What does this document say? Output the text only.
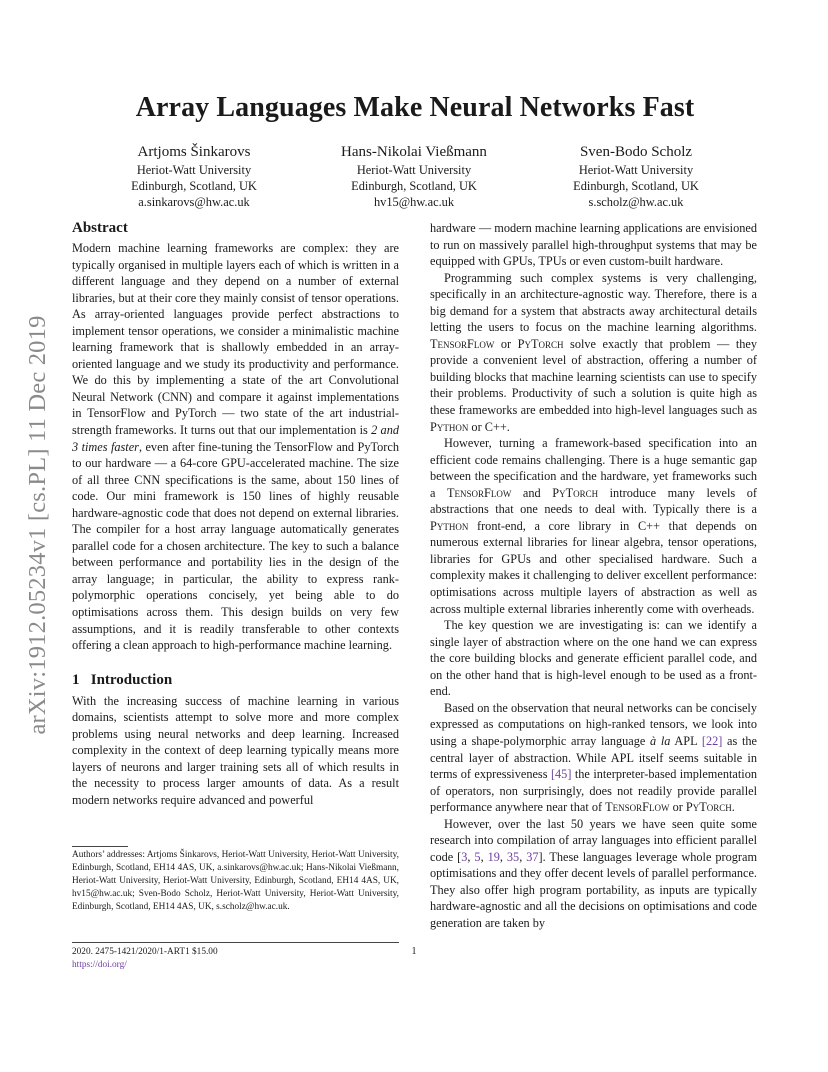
arXiv:1912.05234v1 [cs.PL] 11 Dec 2019
Array Languages Make Neural Networks Fast
Artjoms Šinkarovs
Heriot-Watt University
Edinburgh, Scotland, UK
a.sinkarovs@hw.ac.uk
Hans-Nikolai Vießmann
Heriot-Watt University
Edinburgh, Scotland, UK
hv15@hw.ac.uk
Sven-Bodo Scholz
Heriot-Watt University
Edinburgh, Scotland, UK
s.scholz@hw.ac.uk
Abstract

Modern machine learning frameworks are complex: they are typically organised in multiple layers each of which is written in a different language and they depend on a number of external libraries, but at their core they mainly consist of tensor operations. As array-oriented languages provide perfect abstractions to implement tensor operations, we consider a minimalistic machine learning framework that is shallowly embedded in an array-oriented language and we study its productivity and performance. We do this by implementing a state of the art Convolutional Neural Network (CNN) and compare it against implementations in TensorFlow and PyTorch — two state of the art industrial-strength frameworks. It turns out that our implementation is 2 and 3 times faster, even after fine-tuning the TensorFlow and PyTorch to our hardware — a 64-core GPU-accelerated machine. The size of all three CNN specifications is the same, about 150 lines of code. Our mini framework is 150 lines of highly reusable hardware-agnostic code that does not depend on external libraries. The compiler for a host array language automatically generates parallel code for a chosen architecture. The key to such a balance between performance and portability lies in the design of the array language; in particular, the ability to express rank-polymorphic operations concisely, yet being able to do optimisations across them. This design builds on very few assumptions, and it is readily transferable to other contexts offering a clean approach to high-performance machine learning.

1 Introduction

With the increasing success of machine learning in various domains, scientists attempt to solve more and more complex problems using neural networks and deep learning. Increased complexity in the context of deep learning typically means more layers of neurons and larger training sets all of which results in the necessity to process larger amounts of data. As a result modern networks require advanced and powerful

Authors’ addresses: Artjoms Šinkarovs, Heriot-Watt University, Heriot-Watt University, Edinburgh, Scotland, EH14 4AS, UK, a.sinkarovs@hw.ac.uk; Hans-Nikolai Vießmann, Heriot-Watt University, Heriot-Watt University, Edinburgh, Scotland, EH14 4AS, UK, hv15@hw.ac.uk; Sven-Bodo Scholz, Heriot-Watt University, Heriot-Watt University, Edinburgh, Scotland, EH14 4AS, UK, s.scholz@hw.ac.uk.
2020. 2475-1421/2020/1-ART1 $15.00
https://doi.org/

hardware — modern machine learning applications are envisioned to run on massively parallel high-throughput systems that may be equipped with GPUs, TPUs or even custom-built hardware.

Programming such complex systems is very challenging, specifically in an architecture-agnostic way. Therefore, there is a big demand for a system that abstracts away architectural details letting the users to focus on the machine learning algorithms. TensorFlow or PyTorch solve exactly that problem — they provide a convenient level of abstraction, offering a number of building blocks that machine learning scientists can use to specify their problems. Productivity of such a solution is quite high as these frameworks are embedded into high-level languages such as Python or C++.

However, turning a framework-based specification into an efficient code remains challenging. There is a huge semantic gap between the specification and the hardware, yet frameworks such a TensorFlow and PyTorch introduce many levels of abstractions that one needs to deal with. Typically there is a Python front-end, a core library in C++ that depends on numerous external libraries for linear algebra, tensor operations, libraries for GPUs and other specialised hardware. Such a complexity makes it challenging to deliver excellent performance: optimisations across multiple layers of abstraction as well as across multiple external libraries inherently come with overheads.

The key question we are investigating is: can we identify a single layer of abstraction where on the one hand we can express the core building blocks and generate efficient parallel code, and on the other hand that is high-level enough to be used as a front-end.

Based on the observation that neural networks can be concisely expressed as computations on high-ranked tensors, we look into using a shape-polymorphic array language à la APL [22] as the central layer of abstraction. While APL itself seems suitable in terms of expressiveness [45] the interpreter-based implementation of operators, non surprisingly, does not readily provide parallel performance anywhere near that of TensorFlow or PyTorch.

However, over the last 50 years we have seen quite some research into compilation of array languages into efficient parallel code [3, 5, 19, 35, 37]. These languages leverage whole program optimisations and they offer decent levels of parallel performance. They also offer high program portability, as inputs are typically hardware-agnostic and all the decisions on optimisations and code generation are taken by

1
